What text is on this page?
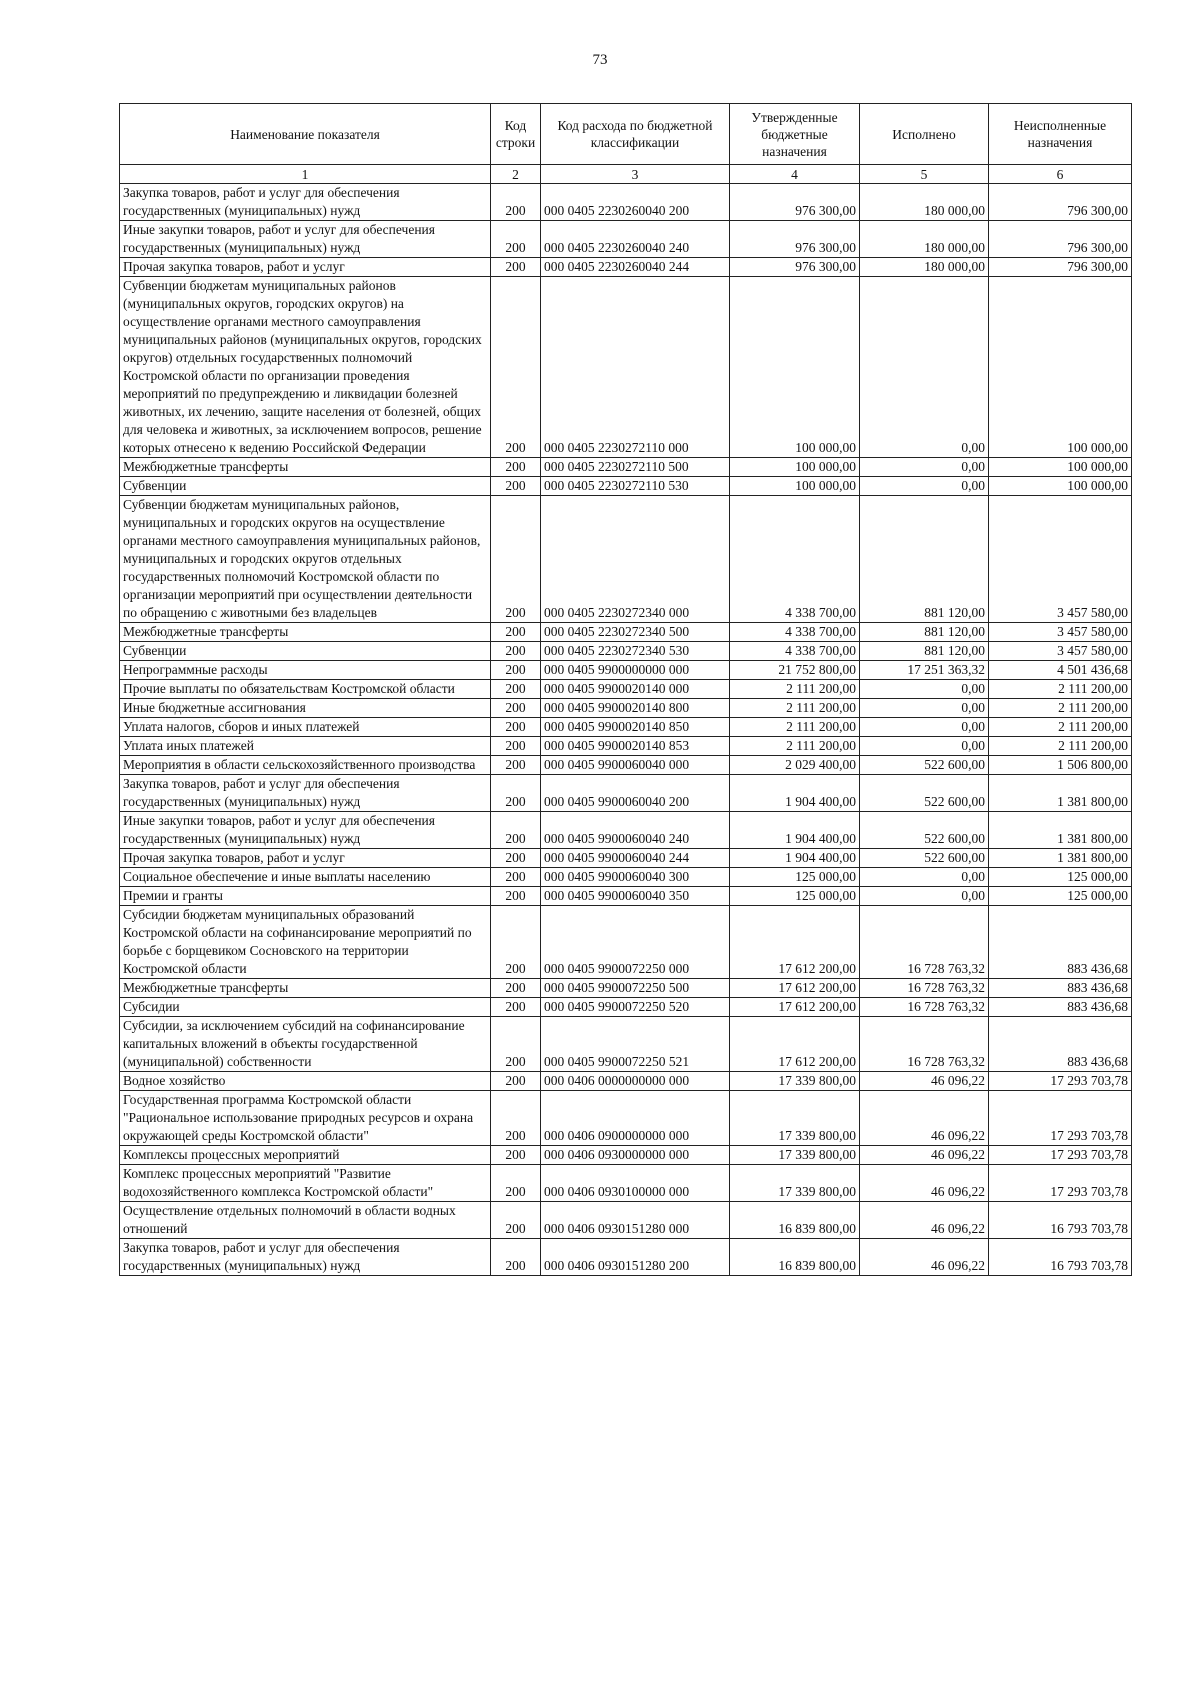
73
Наименование показателя	Код строки	Код расхода по бюджетной классификации	Утвержденные бюджетные назначения	Исполнено	Неисполненные назначения
1	2	3	4	5	6
Закупка товаров, работ и услуг для обеспечения государственных (муниципальных) нужд	200	000 0405 2230260040 200	976 300,00	180 000,00	796 300,00
Иные закупки товаров, работ и услуг для обеспечения государственных (муниципальных) нужд	200	000 0405 2230260040 240	976 300,00	180 000,00	796 300,00
Прочая закупка товаров, работ и услуг	200	000 0405 2230260040 244	976 300,00	180 000,00	796 300,00
Субвенции бюджетам муниципальных районов (муниципальных округов, городских округов) на осуществление органами местного самоуправления муниципальных районов (муниципальных округов, городских округов) отдельных государственных полномочий Костромской области по организации проведения мероприятий по предупреждению и ликвидации болезней животных, их лечению, защите населения от болезней, общих для человека и животных, за исключением вопросов, решение которых отнесено к ведению Российской Федерации	200	000 0405 2230272110 000	100 000,00	0,00	100 000,00
Межбюджетные трансферты	200	000 0405 2230272110 500	100 000,00	0,00	100 000,00
Субвенции	200	000 0405 2230272110 530	100 000,00	0,00	100 000,00
Субвенции бюджетам муниципальных районов, муниципальных и городских округов на осуществление органами местного самоуправления муниципальных районов, муниципальных и городских округов отдельных государственных полномочий Костромской области по организации мероприятий при осуществлении деятельности по обращению с животными без владельцев	200	000 0405 2230272340 000	4 338 700,00	881 120,00	3 457 580,00
Межбюджетные трансферты	200	000 0405 2230272340 500	4 338 700,00	881 120,00	3 457 580,00
Субвенции	200	000 0405 2230272340 530	4 338 700,00	881 120,00	3 457 580,00
Непрограммные расходы	200	000 0405 9900000000 000	21 752 800,00	17 251 363,32	4 501 436,68
Прочие выплаты по обязательствам Костромской области	200	000 0405 9900020140 000	2 111 200,00	0,00	2 111 200,00
Иные бюджетные ассигнования	200	000 0405 9900020140 800	2 111 200,00	0,00	2 111 200,00
Уплата налогов, сборов и иных платежей	200	000 0405 9900020140 850	2 111 200,00	0,00	2 111 200,00
Уплата иных платежей	200	000 0405 9900020140 853	2 111 200,00	0,00	2 111 200,00
Мероприятия в области сельскохозяйственного производства	200	000 0405 9900060040 000	2 029 400,00	522 600,00	1 506 800,00
Закупка товаров, работ и услуг для обеспечения государственных (муниципальных) нужд	200	000 0405 9900060040 200	1 904 400,00	522 600,00	1 381 800,00
Иные закупки товаров, работ и услуг для обеспечения государственных (муниципальных) нужд	200	000 0405 9900060040 240	1 904 400,00	522 600,00	1 381 800,00
Прочая закупка товаров, работ и услуг	200	000 0405 9900060040 244	1 904 400,00	522 600,00	1 381 800,00
Социальное обеспечение и иные выплаты населению	200	000 0405 9900060040 300	125 000,00	0,00	125 000,00
Премии и гранты	200	000 0405 9900060040 350	125 000,00	0,00	125 000,00
Субсидии бюджетам муниципальных образований Костромской области на софинансирование мероприятий по борьбе с борщевиком Сосновского на территории Костромской области	200	000 0405 9900072250 000	17 612 200,00	16 728 763,32	883 436,68
Межбюджетные трансферты	200	000 0405 9900072250 500	17 612 200,00	16 728 763,32	883 436,68
Субсидии	200	000 0405 9900072250 520	17 612 200,00	16 728 763,32	883 436,68
Субсидии, за исключением субсидий на софинансирование капитальных вложений в объекты государственной (муниципальной) собственности	200	000 0405 9900072250 521	17 612 200,00	16 728 763,32	883 436,68
Водное хозяйство	200	000 0406 0000000000 000	17 339 800,00	46 096,22	17 293 703,78
Государственная программа Костромской области "Рациональное использование природных ресурсов и охрана окружающей среды Костромской области"	200	000 0406 0900000000 000	17 339 800,00	46 096,22	17 293 703,78
Комплексы процессных мероприятий	200	000 0406 0930000000 000	17 339 800,00	46 096,22	17 293 703,78
Комплекс процессных мероприятий "Развитие водохозяйственного комплекса Костромской области"	200	000 0406 0930100000 000	17 339 800,00	46 096,22	17 293 703,78
Осуществление отдельных полномочий в области водных отношений	200	000 0406 0930151280 000	16 839 800,00	46 096,22	16 793 703,78
Закупка товаров, работ и услуг для обеспечения государственных (муниципальных) нужд	200	000 0406 0930151280 200	16 839 800,00	46 096,22	16 793 703,78
